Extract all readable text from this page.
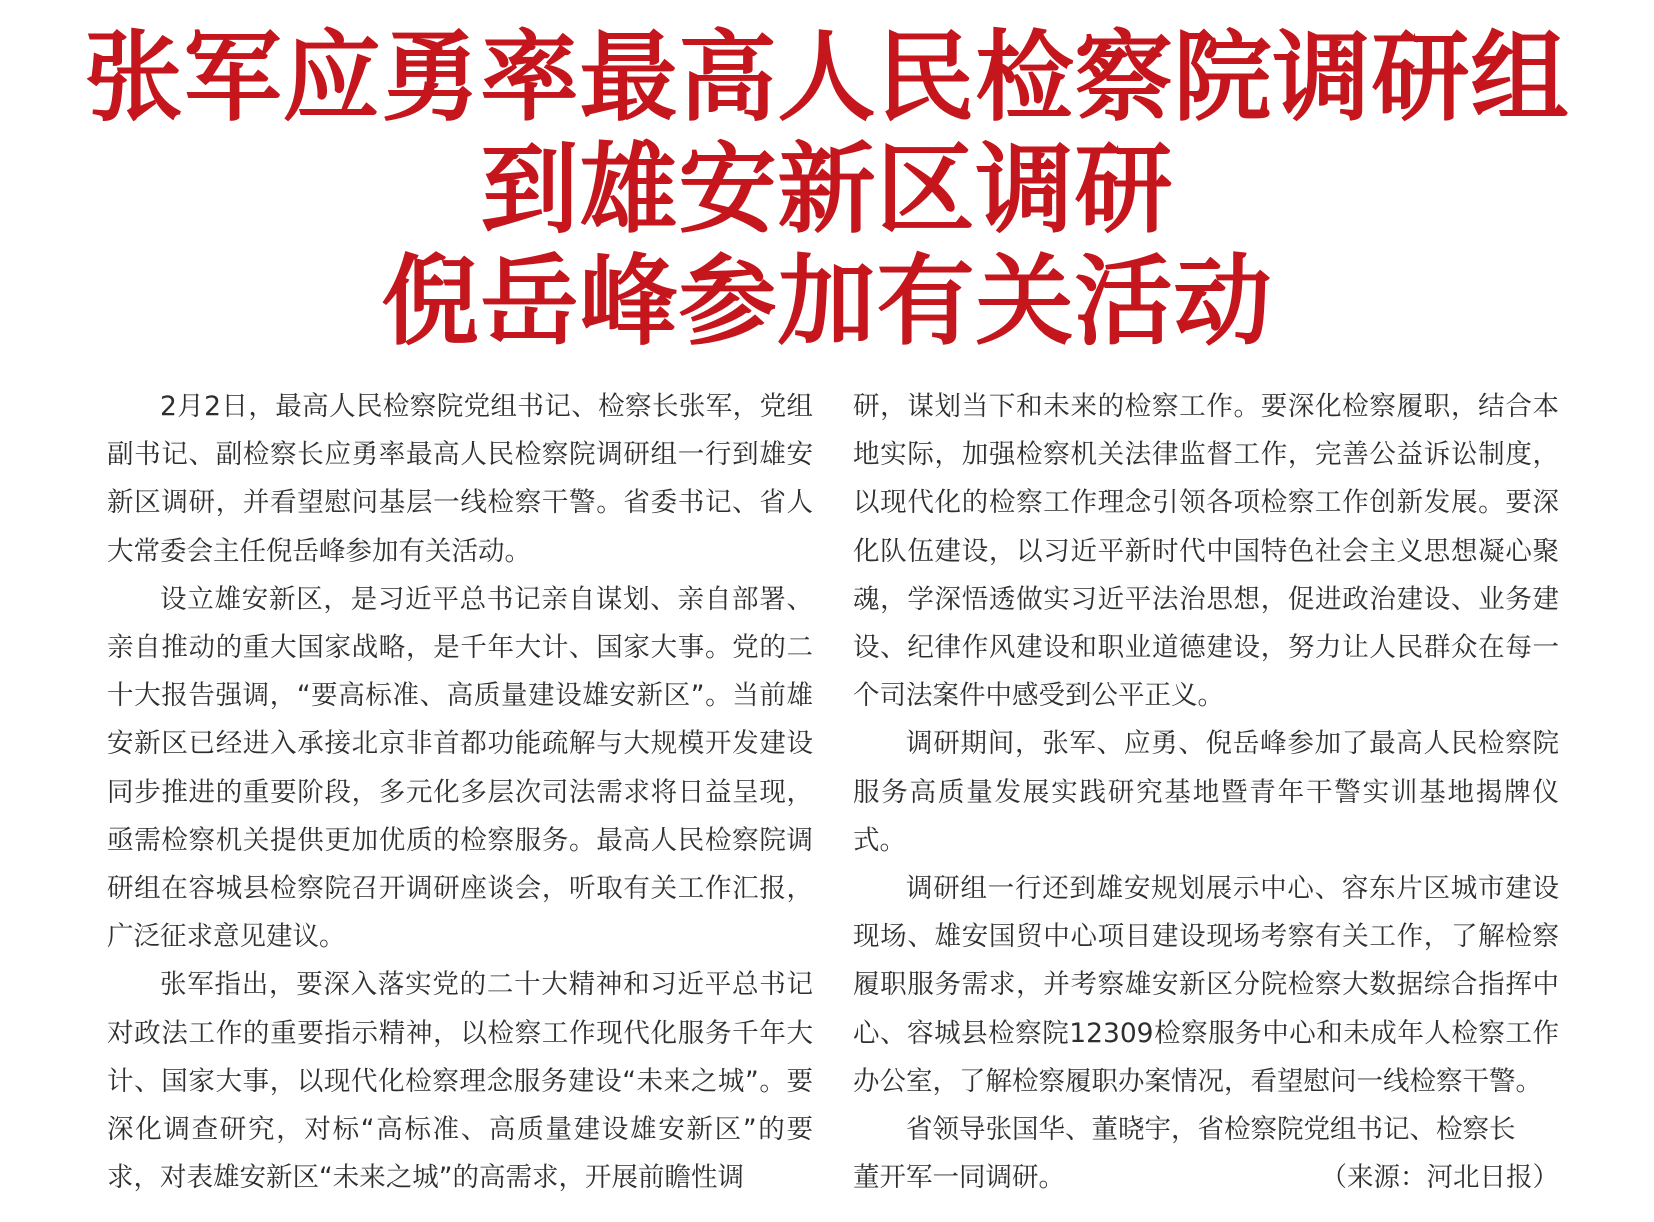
张军应勇率最高人民检察院调研组
到雄安新区调研
倪岳峰参加有关活动

2月2日，最高人民检察院党组书记、检察长张军，党组副书记、副检察长应勇率最高人民检察院调研组一行到雄安新区调研，并看望慰问基层一线检察干警。省委书记、省人大常委会主任倪岳峰参加有关活动。

设立雄安新区，是习近平总书记亲自谋划、亲自部署、亲自推动的重大国家战略，是千年大计、国家大事。党的二十大报告强调，“要高标准、高质量建设雄安新区”。当前雄安新区已经进入承接北京非首都功能疏解与大规模开发建设同步推进的重要阶段，多元化多层次司法需求将日益呈现，亟需检察机关提供更加优质的检察服务。最高人民检察院调研组在容城县检察院召开调研座谈会，听取有关工作汇报，广泛征求意见建议。

张军指出，要深入落实党的二十大精神和习近平总书记对政法工作的重要指示精神，以检察工作现代化服务千年大计、国家大事，以现代化检察理念服务建设“未来之城”。要深化调查研究，对标“高标准、高质量建设雄安新区”的要求，对表雄安新区“未来之城”的高需求，开展前瞻性调

研，谋划当下和未来的检察工作。要深化检察履职，结合本地实际，加强检察机关法律监督工作，完善公益诉讼制度，以现代化的检察工作理念引领各项检察工作创新发展。要深化队伍建设，以习近平新时代中国特色社会主义思想凝心聚魂，学深悟透做实习近平法治思想，促进政治建设、业务建设、纪律作风建设和职业道德建设，努力让人民群众在每一个司法案件中感受到公平正义。

调研期间，张军、应勇、倪岳峰参加了最高人民检察院服务高质量发展实践研究基地暨青年干警实训基地揭牌仪式。

调研组一行还到雄安规划展示中心、容东片区城市建设现场、雄安国贸中心项目建设现场考察有关工作，了解检察履职服务需求，并考察雄安新区分院检察大数据综合指挥中心、容城县检察院12309检察服务中心和未成年人检察工作办公室，了解检察履职办案情况，看望慰问一线检察干警。

省领导张国华、董晓宇，省检察院党组书记、检察长

董开军一同调研。	（来源：河北日报）
